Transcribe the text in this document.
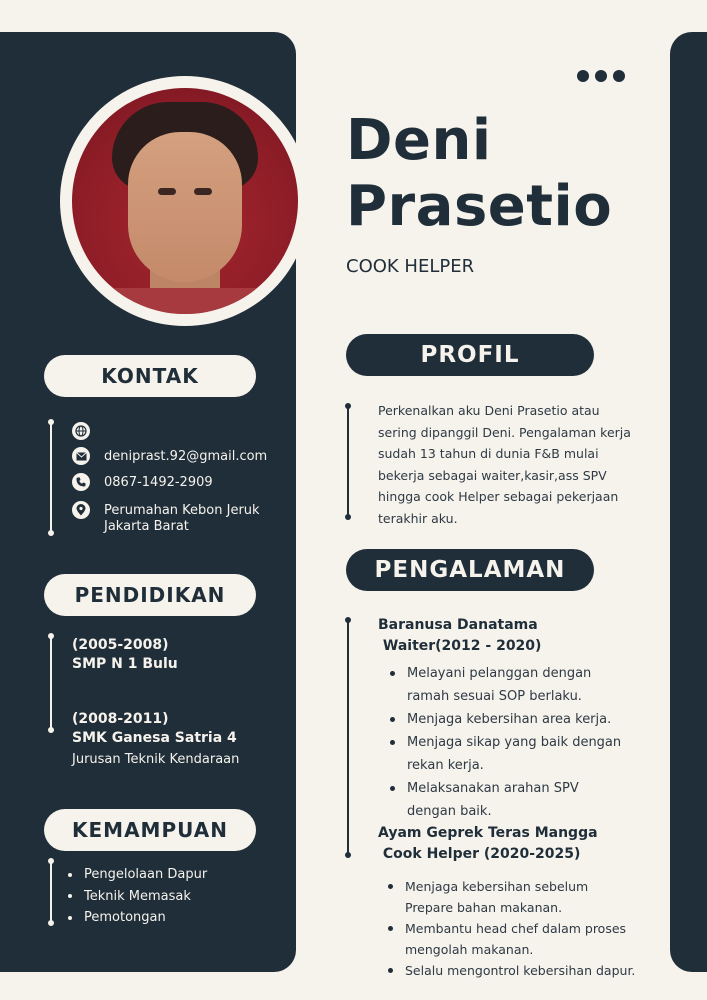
Deni
Prasetio
COOK HELPER
KONTAK
deniprast.92@gmail.com
0867-1492-2909
Perumahan Kebon Jeruk
Jakarta Barat
PENDIDIKAN
(2005-2008)
SMP N 1 Bulu
(2008-2011)
SMK Ganesa Satria 4
Jurusan Teknik Kendaraan
KEMAMPUAN
Pengelolaan Dapur
Teknik Memasak
Pemotongan
PROFIL
Perkenalkan aku Deni Prasetio atau sering dipanggil Deni. Pengalaman kerja sudah 13 tahun di dunia F&B mulai bekerja sebagai waiter,kasir,ass SPV hingga cook Helper sebagai pekerjaan terakhir aku.
PENGALAMAN
Baranusa Danatama
Waiter(2012 - 2020)
Melayani pelanggan dengan ramah sesuai SOP berlaku.
Menjaga kebersihan area kerja.
Menjaga sikap yang baik dengan rekan kerja.
Melaksanakan arahan SPV dengan baik.
Ayam Geprek Teras Mangga
Cook Helper (2020-2025)
Menjaga kebersihan sebelum Prepare bahan makanan.
Membantu head chef dalam proses mengolah makanan.
Selalu mengontrol kebersihan dapur.
